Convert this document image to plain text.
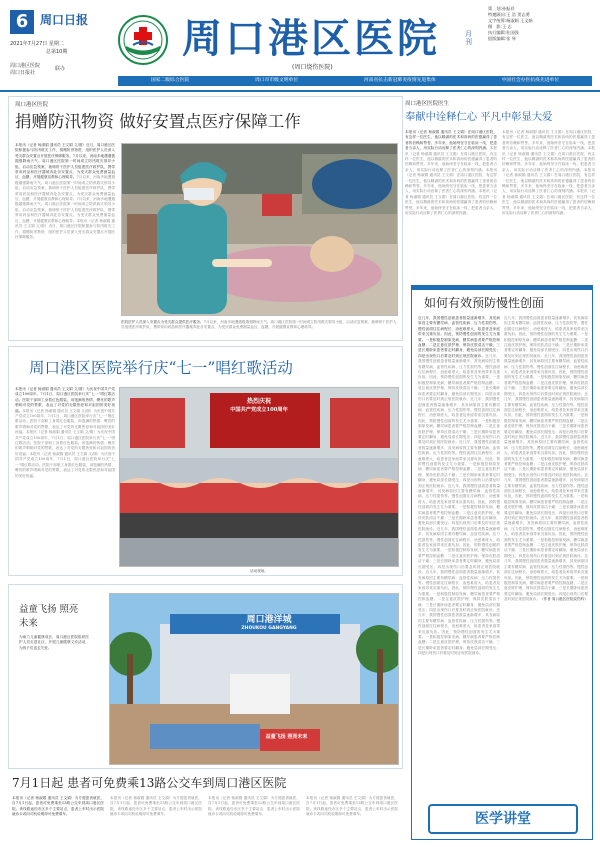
6 周口日报
2021年7月27日 星期二
总第10期
周口港区医院
周口日报社
联办
周口港区医院	月刊
(周口烧伤医院)
策　划:孙振祥
特邀顾问:王 浩 贺志勇
文字统筹:杨淑娟 王文娟
摄　影:王 志
执行编辑:杜国强
组版编辑:张 琴
国家二级综合医院	周口市市级文明单位	河南省抗击新冠肺炎疫情先进集体	中国社会办医抗疫先进单位
周口港区医院
捐赠防汛物资 做好安置点医疗保障工作
本报讯（记者 杨淑娟 通讯员 王文娟 文/图）近日，周口港区医院积极参与防汛救灾工作，捐赠防汛物资，组织医护人员深入受灾群众安置点开展医疗保障服务。7月以来，河南多地遭遇极端强降雨天气。周口港区医院第一时间成立防汛救灾领导小组，启动应急预案，抽调骨干医护人员组建医疗救护队，携带常用药品和医疗器械奔赴各安置点，为受灾群众免费测量血压、血糖，开展健康宣教和心理疏导。7月以来，河南多地遭遇极端强降雨天气。周口港区医院第一时间成立防汛救灾领导小组，启动应急预案，抽调骨干医护人员组建医疗救护队，携带常用药品和医疗器械奔赴各安置点，为受灾群众免费测量血压、血糖，开展健康宣教和心理疏导。7月以来，河南多地遭遇极端强降雨天气。周口港区医院第一时间成立防汛救灾领导小组，启动应急预案，抽调骨干医护人员组建医疗救护队，携带常用药品和医疗器械奔赴各安置点，为受灾群众免费测量血压、血糖，开展健康宣教和心理疏导。本报讯（记者 杨淑娟 通讯员 王文娟 文/图）近日，周口港区医院积极参与防汛救灾工作，捐赠防汛物资，组织医护人员深入受灾群众安置点开展医疗保障服务。
医院医护人员深入安置点为受灾群众提供医疗服务。7月以来，河南多地遭遇极端强降雨天气。周口港区医院第一时间成立防汛救灾领导小组，启动应急预案，抽调骨干医护人员组建医疗救护队，携带常用药品和医疗器械奔赴各安置点，为受灾群众免费测量血压、血糖，开展健康宣教和心理疏导。
周口港区医院医生
奉献中诠释仁心 平凡中彰显大爱
本报讯（记者 杨淑娟 通讯员 王文娟）在周口港区医院，有这样一位医生，他以精湛的医术和高尚的医德赢得了患者的信赖和赞誉。多年来，他始终坚守在临床一线，把患者当亲人，用实际行动诠释了医者仁心的深刻内涵。本报讯（记者 杨淑娟 通讯员 王文娟）在周口港区医院，有这样一位医生，他以精湛的医术和高尚的医德赢得了患者的信赖和赞誉。多年来，他始终坚守在临床一线，把患者当亲人，用实际行动诠释了医者仁心的深刻内涵。本报讯（记者 杨淑娟 通讯员 王文娟）在周口港区医院，有这样一位医生，他以精湛的医术和高尚的医德赢得了患者的信赖和赞誉。多年来，他始终坚守在临床一线，把患者当亲人，用实际行动诠释了医者仁心的深刻内涵。本报讯（记者 杨淑娟 通讯员 王文娟）在周口港区医院，有这样一位医生，他以精湛的医术和高尚的医德赢得了患者的信赖和赞誉。多年来，他始终坚守在临床一线，把患者当亲人，用实际行动诠释了医者仁心的深刻内涵。
本报讯（记者 杨淑娟 通讯员 王文娟）在周口港区医院，有这样一位医生，他以精湛的医术和高尚的医德赢得了患者的信赖和赞誉。多年来，他始终坚守在临床一线，把患者当亲人，用实际行动诠释了医者仁心的深刻内涵。本报讯（记者 杨淑娟 通讯员 王文娟）在周口港区医院，有这样一位医生，他以精湛的医术和高尚的医德赢得了患者的信赖和赞誉。多年来，他始终坚守在临床一线，把患者当亲人，用实际行动诠释了医者仁心的深刻内涵。本报讯（记者 杨淑娟 通讯员 王文娟）在周口港区医院，有这样一位医生，他以精湛的医术和高尚的医德赢得了患者的信赖和赞誉。多年来，他始终坚守在临床一线，把患者当亲人，用实际行动诠释了医者仁心的深刻内涵。本报讯（记者 杨淑娟 通讯员 王文娟）在周口港区医院，有这样一位医生，他以精湛的医术和高尚的医德赢得了患者的信赖和赞誉。多年来，他始终坚守在临床一线，把患者当亲人，用实际行动诠释了医者仁心的深刻内涵。
周口港区医院举行庆“七一”唱红歌活动
本报讯（记者 杨淑娟 通讯员 王文娟 文/图）为庆祝中国共产党成立100周年，7月1日，周口港区医院举行庆“七一”唱红歌活动。医院干部职工身着红色服装，用饱满的热情、嘹亮的歌声唱响对党的赞歌，表达了对党的无限热爱和对祖国的美好祝福。本报讯（记者 杨淑娟 通讯员 王文娟 文/图）为庆祝中国共产党成立100周年，7月1日，周口港区医院举行庆“七一”唱红歌活动。医院干部职工身着红色服装，用饱满的热情、嘹亮的歌声唱响对党的赞歌，表达了对党的无限热爱和对祖国的美好祝福。本报讯（记者 杨淑娟 通讯员 王文娟 文/图）为庆祝中国共产党成立100周年，7月1日，周口港区医院举行庆“七一”唱红歌活动。医院干部职工身着红色服装，用饱满的热情、嘹亮的歌声唱响对党的赞歌，表达了对党的无限热爱和对祖国的美好祝福。本报讯（记者 杨淑娟 通讯员 王文娟 文/图）为庆祝中国共产党成立100周年，7月1日，周口港区医院举行庆“七一”唱红歌活动。医院干部职工身着红色服装，用饱满的热情、嘹亮的歌声唱响对党的赞歌，表达了对党的无限热爱和对祖国的美好祝福。
热烈庆祝
中国共产党成立100周年
活动现场。
如何有效预防慢性创面
近几年，我国慢性创面患者数量逐渐增多，其发病原因主要有糖尿病、血管性疾病、压力性损伤等。慢性创面往往病程长、治愈难度大，给患者及家庭带来沉重负担。因此，预防慢性创面的发生尤为重要。一是积极控制原发病，糖尿病患者要严格控制血糖；二是注意皮肤护理，保持皮肤清洁干燥；三是长期卧床患者要定时翻身，避免局部长期受压；四是出现伤口后要及时到正规医院就诊。近几年，我国慢性创面患者数量逐渐增多，其发病原因主要有糖尿病、血管性疾病、压力性损伤等。慢性创面往往病程长、治愈难度大，给患者及家庭带来沉重负担。因此，预防慢性创面的发生尤为重要。一是积极控制原发病，糖尿病患者要严格控制血糖；二是注意皮肤护理，保持皮肤清洁干燥；三是长期卧床患者要定时翻身，避免局部长期受压；四是出现伤口后要及时到正规医院就诊。近几年，我国慢性创面患者数量逐渐增多，其发病原因主要有糖尿病、血管性疾病、压力性损伤等。慢性创面往往病程长、治愈难度大，给患者及家庭带来沉重负担。因此，预防慢性创面的发生尤为重要。一是积极控制原发病，糖尿病患者要严格控制血糖；二是注意皮肤护理，保持皮肤清洁干燥；三是长期卧床患者要定时翻身，避免局部长期受压；四是出现伤口后要及时到正规医院就诊。近几年，我国慢性创面患者数量逐渐增多，其发病原因主要有糖尿病、血管性疾病、压力性损伤等。慢性创面往往病程长、治愈难度大，给患者及家庭带来沉重负担。因此，预防慢性创面的发生尤为重要。一是积极控制原发病，糖尿病患者要严格控制血糖；二是注意皮肤护理，保持皮肤清洁干燥；三是长期卧床患者要定时翻身，避免局部长期受压；四是出现伤口后要及时到正规医院就诊。近几年，我国慢性创面患者数量逐渐增多，其发病原因主要有糖尿病、血管性疾病、压力性损伤等。慢性创面往往病程长、治愈难度大，给患者及家庭带来沉重负担。因此，预防慢性创面的发生尤为重要。一是积极控制原发病，糖尿病患者要严格控制血糖；二是注意皮肤护理，保持皮肤清洁干燥；三是长期卧床患者要定时翻身，避免局部长期受压；四是出现伤口后要及时到正规医院就诊。近几年，我国慢性创面患者数量逐渐增多，其发病原因主要有糖尿病、血管性疾病、压力性损伤等。慢性创面往往病程长、治愈难度大，给患者及家庭带来沉重负担。因此，预防慢性创面的发生尤为重要。一是积极控制原发病，糖尿病患者要严格控制血糖；二是注意皮肤护理，保持皮肤清洁干燥；三是长期卧床患者要定时翻身，避免局部长期受压；四是出现伤口后要及时到正规医院就诊。近几年，我国慢性创面患者数量逐渐增多，其发病原因主要有糖尿病、血管性疾病、压力性损伤等。慢性创面往往病程长、治愈难度大，给患者及家庭带来沉重负担。因此，预防慢性创面的发生尤为重要。一是积极控制原发病，糖尿病患者要严格控制血糖；二是注意皮肤护理，保持皮肤清洁干燥；三是长期卧床患者要定时翻身，避免局部长期受压；四是出现伤口后要及时到正规医院就诊。近几年，我国慢性创面患者数量逐渐增多，其发病原因主要有糖尿病、血管性疾病、压力性损伤等。慢性创面往往病程长、治愈难度大，给患者及家庭带来沉重负担。因此，预防慢性创面的发生尤为重要。一是积极控制原发病，糖尿病患者要严格控制血糖；二是注意皮肤护理，保持皮肤清洁干燥；三是长期卧床患者要定时翻身，避免局部长期受压；四是出现伤口后要及时到正规医院就诊。
近几年，我国慢性创面患者数量逐渐增多，其发病原因主要有糖尿病、血管性疾病、压力性损伤等。慢性创面往往病程长、治愈难度大，给患者及家庭带来沉重负担。因此，预防慢性创面的发生尤为重要。一是积极控制原发病，糖尿病患者要严格控制血糖；二是注意皮肤护理，保持皮肤清洁干燥；三是长期卧床患者要定时翻身，避免局部长期受压；四是出现伤口后要及时到正规医院就诊。近几年，我国慢性创面患者数量逐渐增多，其发病原因主要有糖尿病、血管性疾病、压力性损伤等。慢性创面往往病程长、治愈难度大，给患者及家庭带来沉重负担。因此，预防慢性创面的发生尤为重要。一是积极控制原发病，糖尿病患者要严格控制血糖；二是注意皮肤护理，保持皮肤清洁干燥；三是长期卧床患者要定时翻身，避免局部长期受压；四是出现伤口后要及时到正规医院就诊。近几年，我国慢性创面患者数量逐渐增多，其发病原因主要有糖尿病、血管性疾病、压力性损伤等。慢性创面往往病程长、治愈难度大，给患者及家庭带来沉重负担。因此，预防慢性创面的发生尤为重要。一是积极控制原发病，糖尿病患者要严格控制血糖；二是注意皮肤护理，保持皮肤清洁干燥；三是长期卧床患者要定时翻身，避免局部长期受压；四是出现伤口后要及时到正规医院就诊。近几年，我国慢性创面患者数量逐渐增多，其发病原因主要有糖尿病、血管性疾病、压力性损伤等。慢性创面往往病程长、治愈难度大，给患者及家庭带来沉重负担。因此，预防慢性创面的发生尤为重要。一是积极控制原发病，糖尿病患者要严格控制血糖；二是注意皮肤护理，保持皮肤清洁干燥；三是长期卧床患者要定时翻身，避免局部长期受压；四是出现伤口后要及时到正规医院就诊。近几年，我国慢性创面患者数量逐渐增多，其发病原因主要有糖尿病、血管性疾病、压力性损伤等。慢性创面往往病程长、治愈难度大，给患者及家庭带来沉重负担。因此，预防慢性创面的发生尤为重要。一是积极控制原发病，糖尿病患者要严格控制血糖；二是注意皮肤护理，保持皮肤清洁干燥；三是长期卧床患者要定时翻身，避免局部长期受压；四是出现伤口后要及时到正规医院就诊。近几年，我国慢性创面患者数量逐渐增多，其发病原因主要有糖尿病、血管性疾病、压力性损伤等。慢性创面往往病程长、治愈难度大，给患者及家庭带来沉重负担。因此，预防慢性创面的发生尤为重要。一是积极控制原发病，糖尿病患者要严格控制血糖；二是注意皮肤护理，保持皮肤清洁干燥；三是长期卧床患者要定时翻身，避免局部长期受压；四是出现伤口后要及时到正规医院就诊。近几年，我国慢性创面患者数量逐渐增多，其发病原因主要有糖尿病、血管性疾病、压力性损伤等。慢性创面往往病程长、治愈难度大，给患者及家庭带来沉重负担。因此，预防慢性创面的发生尤为重要。一是积极控制原发病，糖尿病患者要严格控制血糖；二是注意皮肤护理，保持皮肤清洁干燥；三是长期卧床患者要定时翻身，避免局部长期受压；四是出现伤口后要及时到正规医院就诊。（作者 周口港区医院烧伤科）
医学讲堂
益童飞扬 照亮未来
为助力儿童健康成长，周口港区医院组织医护人员走进社区，开展儿童健康义诊活动，为孩子们送去关爱。
周口港洋城
ZHOUKOU GANGYANG
益童飞扬 照亮未来
7月1日起 患者可免费乘13路公交车到周口港区医院
本报讯（记者 杨淑娟 通讯员 王文娟）为方便患者就医，自7月1日起，患者可免费乘坐13路公交车到周口港区医院。该线路途经市区多个主要站点，患者上车时出示医院就诊卡或向司机说明即可免费乘车。
本报讯（记者 杨淑娟 通讯员 王文娟）为方便患者就医，自7月1日起，患者可免费乘坐13路公交车到周口港区医院。该线路途经市区多个主要站点，患者上车时出示医院就诊卡或向司机说明即可免费乘车。
本报讯（记者 杨淑娟 通讯员 王文娟）为方便患者就医，自7月1日起，患者可免费乘坐13路公交车到周口港区医院。该线路途经市区多个主要站点，患者上车时出示医院就诊卡或向司机说明即可免费乘车。
本报讯（记者 杨淑娟 通讯员 王文娟）为方便患者就医，自7月1日起，患者可免费乘坐13路公交车到周口港区医院。该线路途经市区多个主要站点，患者上车时出示医院就诊卡或向司机说明即可免费乘车。
